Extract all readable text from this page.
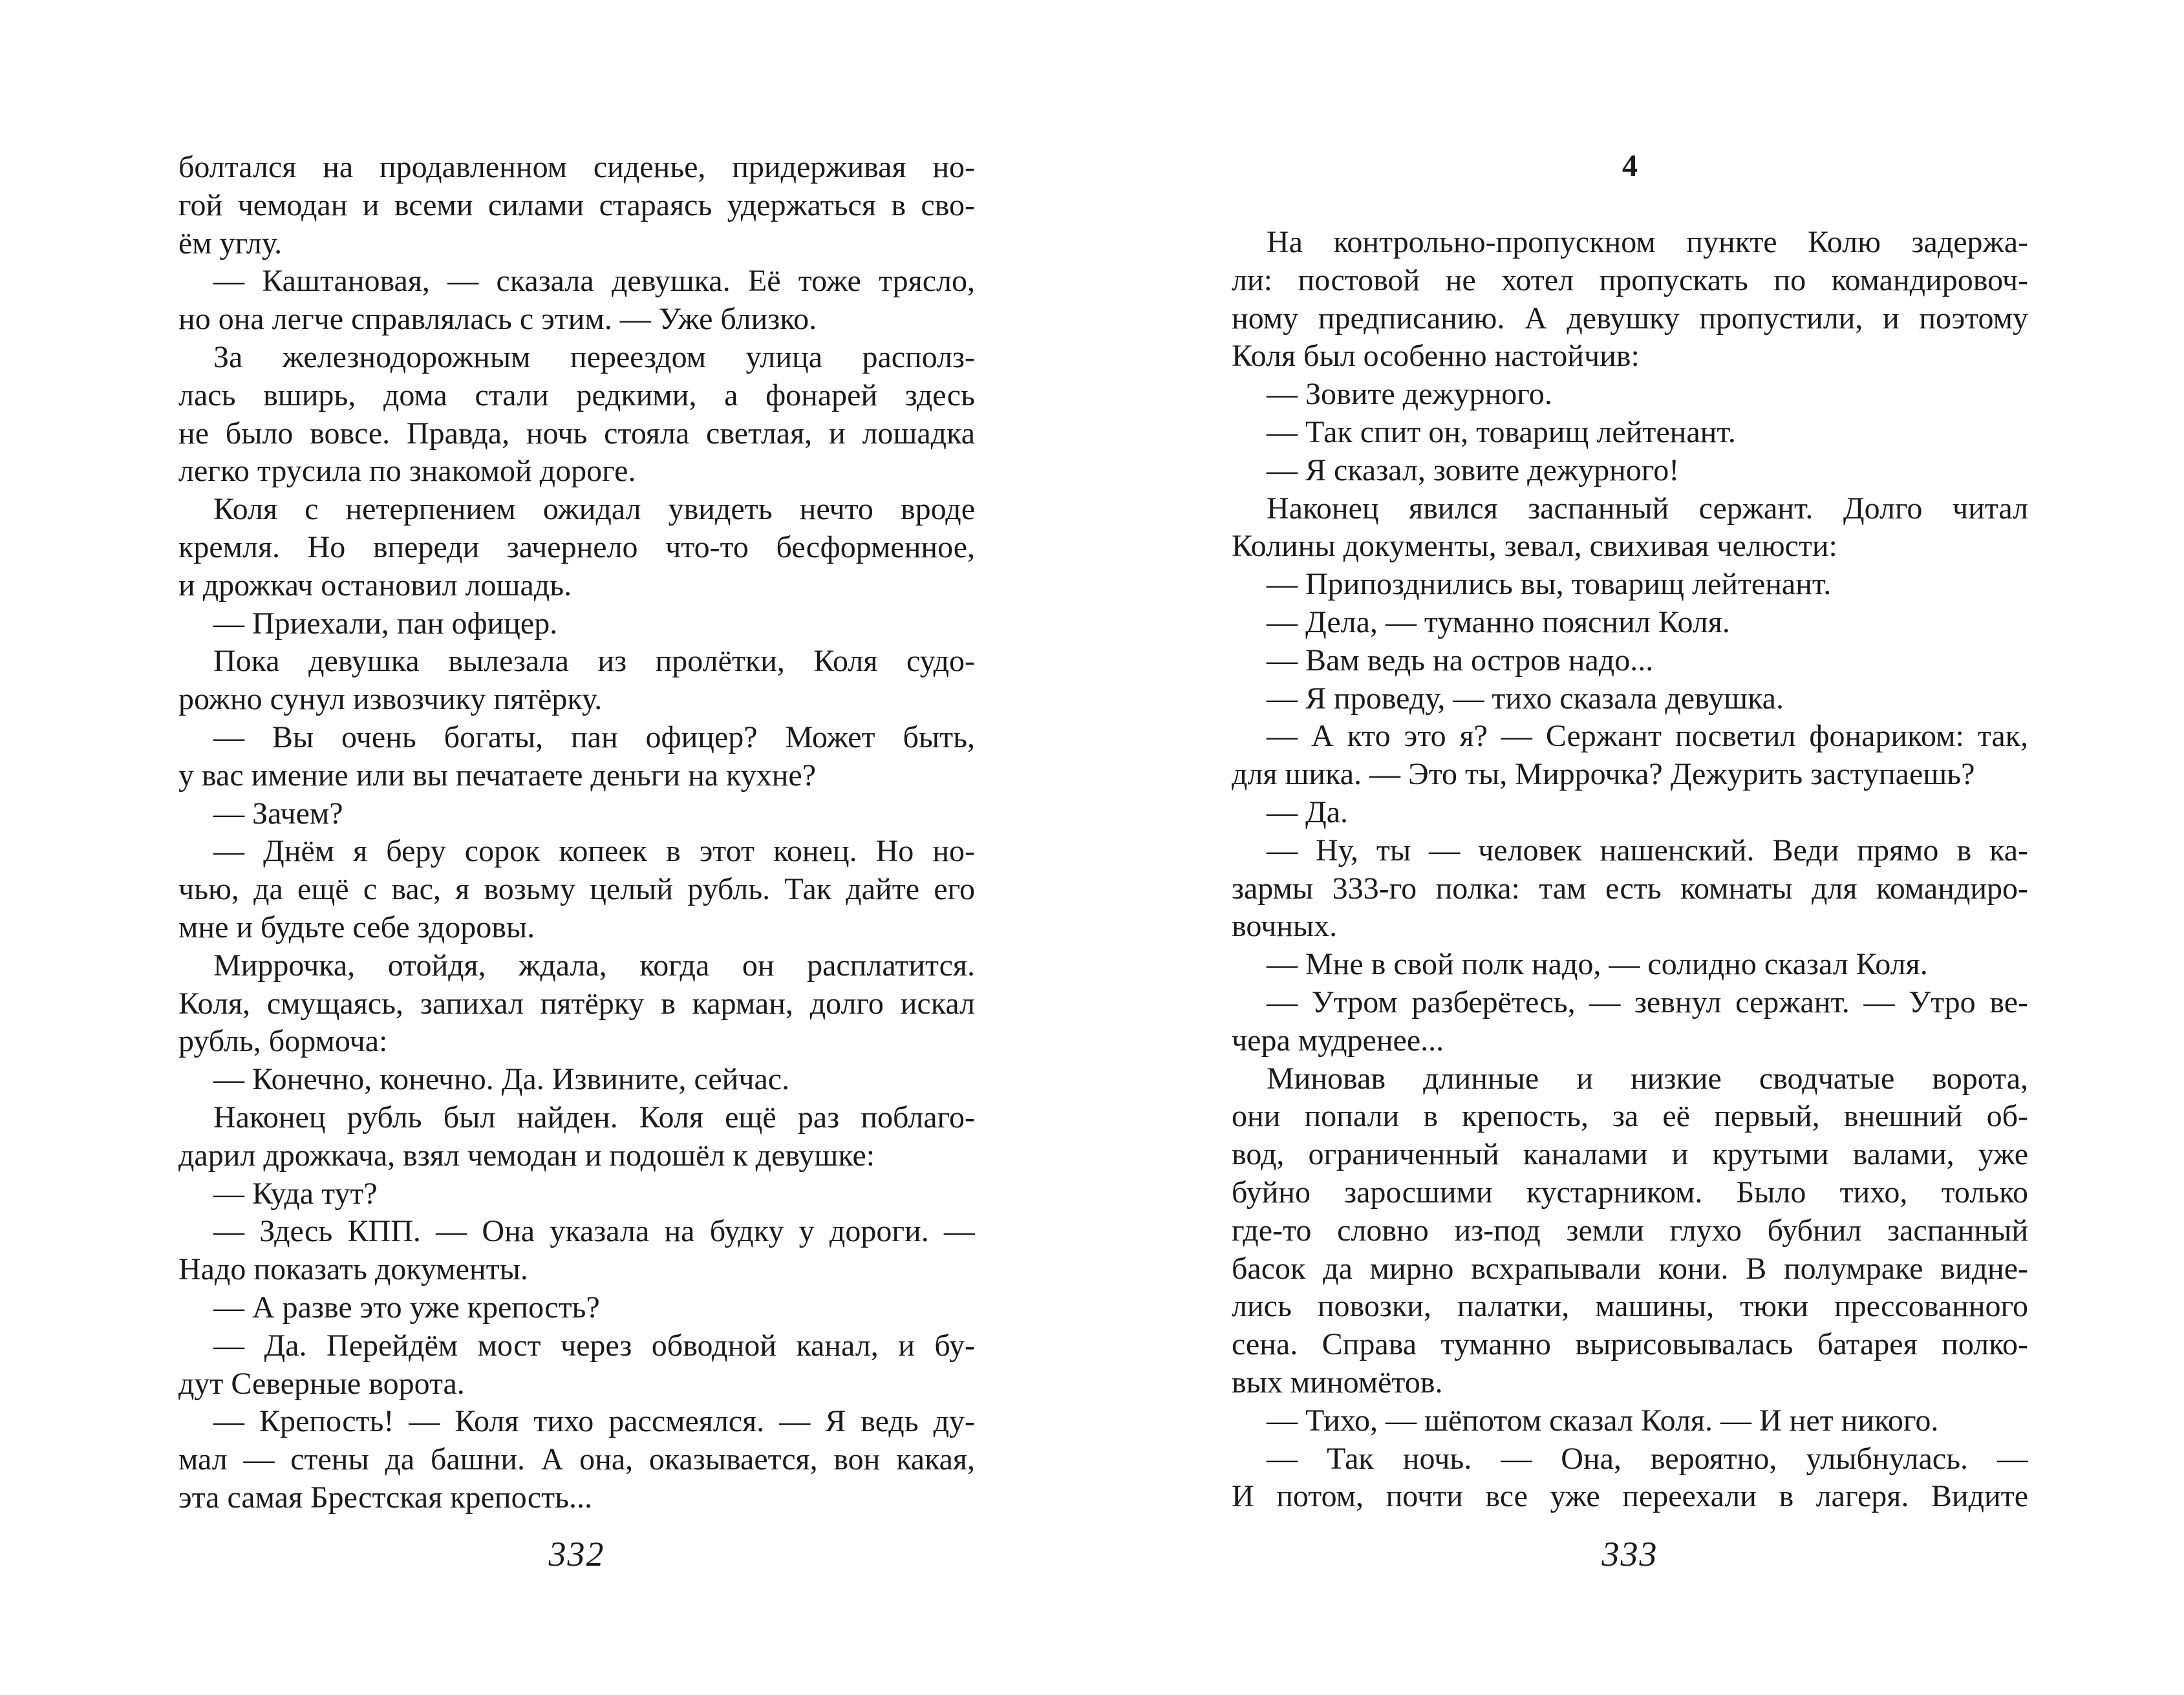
болтался на продавленном сиденье, придерживая но-
гой чемодан и всеми силами стараясь удержаться в сво-
ём углу.
— Каштановая, — сказала девушка. Её тоже трясло,
но она легче справлялась с этим. — Уже близко.
За железнодорожным переездом улица располз-
лась вширь, дома стали редкими, а фонарей здесь
не было вовсе. Правда, ночь стояла светлая, и лошадка
легко трусила по знакомой дороге.
Коля с нетерпением ожидал увидеть нечто вроде
кремля. Но впереди зачернело что-то бесформенное,
и дрожкач остановил лошадь.
— Приехали, пан офицер.
Пока девушка вылезала из пролётки, Коля судо-
рожно сунул извозчику пятёрку.
— Вы очень богаты, пан офицер? Может быть,
у вас имение или вы печатаете деньги на кухне?
— Зачем?
— Днём я беру сорок копеек в этот конец. Но но-
чью, да ещё с вас, я возьму целый рубль. Так дайте его
мне и будьте себе здоровы.
Миррочка, отойдя, ждала, когда он расплатится.
Коля, смущаясь, запихал пятёрку в карман, долго искал
рубль, бормоча:
— Конечно, конечно. Да. Извините, сейчас.
Наконец рубль был найден. Коля ещё раз поблаго-
дарил дрожкача, взял чемодан и подошёл к девушке:
— Куда тут?
— Здесь КПП. — Она указала на будку у дороги. —
Надо показать документы.
— А разве это уже крепость?
— Да. Перейдём мост через обводной канал, и бу-
дут Северные ворота.
— Крепость! — Коля тихо рассмеялся. — Я ведь ду-
мал — стены да башни. А она, оказывается, вон какая,
эта самая Брестская крепость...
332
4
На контрольно-пропускном пункте Колю задержа-
ли: постовой не хотел пропускать по командировоч-
ному предписанию. А девушку пропустили, и поэтому
Коля был особенно настойчив:
— Зовите дежурного.
— Так спит он, товарищ лейтенант.
— Я сказал, зовите дежурного!
Наконец явился заспанный сержант. Долго читал
Колины документы, зевал, свихивая челюсти:
— Припозднились вы, товарищ лейтенант.
— Дела, — туманно пояснил Коля.
— Вам ведь на остров надо...
— Я проведу, — тихо сказала девушка.
— А кто это я? — Сержант посветил фонариком: так,
для шика. — Это ты, Миррочка? Дежурить заступаешь?
— Да.
— Ну, ты — человек нашенский. Веди прямо в ка-
зармы 333-го полка: там есть комнаты для командиро-
вочных.
— Мне в свой полк надо, — солидно сказал Коля.
— Утром разберётесь, — зевнул сержант. — Утро ве-
чера мудренее...
Миновав длинные и низкие сводчатые ворота,
они попали в крепость, за её первый, внешний об-
вод, ограниченный каналами и крутыми валами, уже
буйно заросшими кустарником. Было тихо, только
где-то словно из-под земли глухо бубнил заспанный
басок да мирно всхрапывали кони. В полумраке видне-
лись повозки, палатки, машины, тюки прессованного
сена. Справа туманно вырисовывалась батарея полко-
вых миномётов.
— Тихо, — шёпотом сказал Коля. — И нет никого.
— Так ночь. — Она, вероятно, улыбнулась. —
И потом, почти все уже переехали в лагеря. Видите
333
